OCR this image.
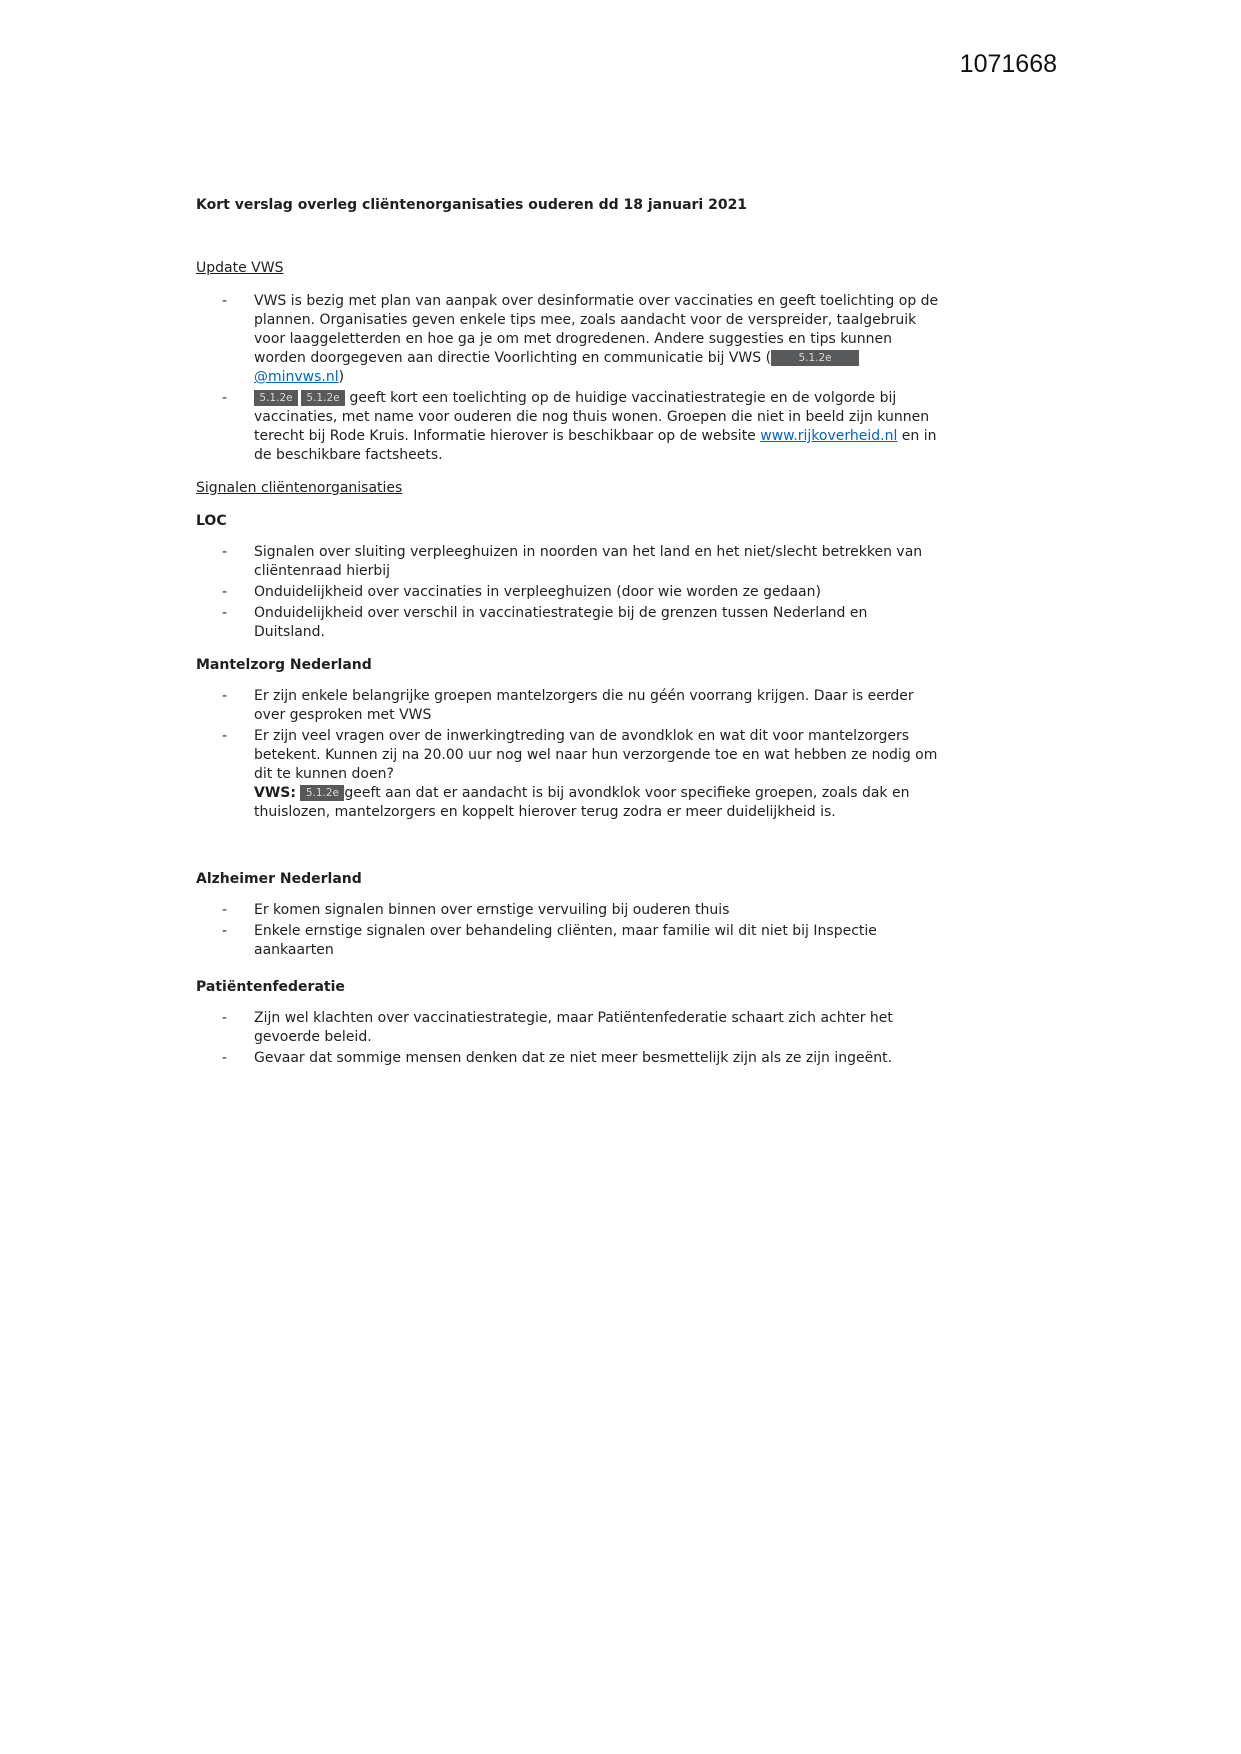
1071668
Kort verslag overleg cliëntenorganisaties ouderen dd 18 januari 2021
Update VWS
-	VWS is bezig met plan van aanpak over desinformatie over vaccinaties en geeft toelichting op de plannen. Organisaties geven enkele tips mee, zoals aandacht voor de verspreider, taalgebruik voor laaggeletterden en hoe ga je om met drogredenen. Andere suggesties en tips kunnen worden doorgegeven aan directie Voorlichting en communicatie bij VWS (	5.1.2e@minvws.nl)
-	5.1.2e 5.1.2e geeft kort een toelichting op de huidige vaccinatiestrategie en de volgorde bij vaccinaties, met name voor ouderen die nog thuis wonen. Groepen die niet in beeld zijn kunnen terecht bij Rode Kruis. Informatie hierover is beschikbaar op de website www.rijkoverheid.nl en in de beschikbare factsheets.
Signalen cliëntenorganisaties
LOC
-	Signalen over sluiting verpleeghuizen in noorden van het land en het niet/slecht betrekken van cliëntenraad hierbij
-	Onduidelijkheid over vaccinaties in verpleeghuizen (door wie worden ze gedaan)
-	Onduidelijkheid over verschil in vaccinatiestrategie bij de grenzen tussen Nederland en Duitsland.
Mantelzorg Nederland
-	Er zijn enkele belangrijke groepen mantelzorgers die nu géén voorrang krijgen. Daar is eerder over gesproken met VWS
-	Er zijn veel vragen over de inwerkingtreding van de avondklok en wat dit voor mantelzorgers betekent. Kunnen zij na 20.00 uur nog wel naar hun verzorgende toe en wat hebben ze nodig om dit te kunnen doen?
VWS: 5.1.2e geeft aan dat er aandacht is bij avondklok voor specifieke groepen, zoals dak en thuislozen, mantelzorgers en koppelt hierover terug zodra er meer duidelijkheid is.
Alzheimer Nederland
-	Er komen signalen binnen over ernstige vervuiling bij ouderen thuis
-	Enkele ernstige signalen over behandeling cliënten, maar familie wil dit niet bij Inspectie aankaarten
Patiëntenfederatie
-	Zijn wel klachten over vaccinatiestrategie, maar Patiëntenfederatie schaart zich achter het gevoerde beleid.
-	Gevaar dat sommige mensen denken dat ze niet meer besmettelijk zijn als ze zijn ingeënt.
